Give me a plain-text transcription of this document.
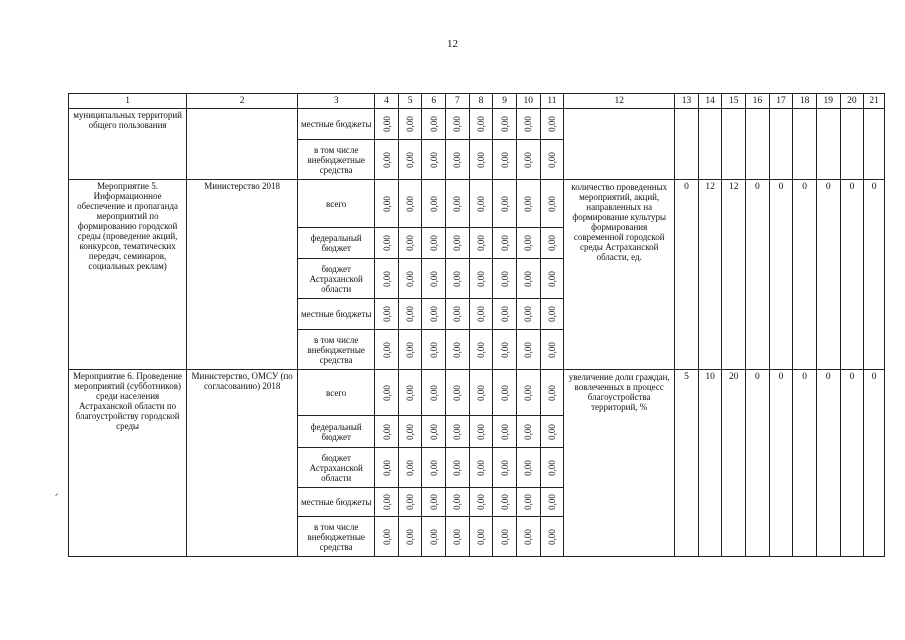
12
ᐟ
1	2	3	4	5	6	7	8	9	10	11	12	13	14	15	16	17	18	19	20	21
муниципальных территорий общего пользования		местные бюджеты	0,00	0,00	0,00	0,00	0,00	0,00	0,00	0,00										

		в том числе внебюджетные средства	0,00	0,00	0,00	0,00	0,00	0,00	0,00	0,00										

Мероприятие 5. Информационное обеспечение и пропаганда мероприятий по формированию городской среды (проведение акций, конкурсов, тематических передач, семинаров, социальных реклам)	Министерство 2018	всего	0,00	0,00	0,00	0,00	0,00	0,00	0,00	0,00	количество проведенных мероприятий, акций, направленных на формирование культуры формирования современной городской среды Астраханской области, ед.	0	12	12	0	0	0	0	0	0
		федеральный бюджет	0,00	0,00	0,00	0,00	0,00	0,00	0,00	0,00										

		бюджет Астраханской области	0,00	0,00	0,00	0,00	0,00	0,00	0,00	0,00										

		местные бюджеты	0,00	0,00	0,00	0,00	0,00	0,00	0,00	0,00										

		в том числе внебюджетные средства	0,00	0,00	0,00	0,00	0,00	0,00	0,00	0,00										

Мероприятие 6. Проведение мероприятий (субботников) среди населения Астраханской области по благоустройству городской среды	Министерство, ОМСУ (по согласованию) 2018	всего	0,00	0,00	0,00	0,00	0,00	0,00	0,00	0,00	увеличение доли граждан, вовлеченных в процесс благоустройства территорий, %	5	10	20	0	0	0	0	0	0
		федеральный бюджет	0,00	0,00	0,00	0,00	0,00	0,00	0,00	0,00										

		бюджет Астраханской области	0,00	0,00	0,00	0,00	0,00	0,00	0,00	0,00										

		местные бюджеты	0,00	0,00	0,00	0,00	0,00	0,00	0,00	0,00										

		в том числе внебюджетные средства	0,00	0,00	0,00	0,00	0,00	0,00	0,00	0,00										
